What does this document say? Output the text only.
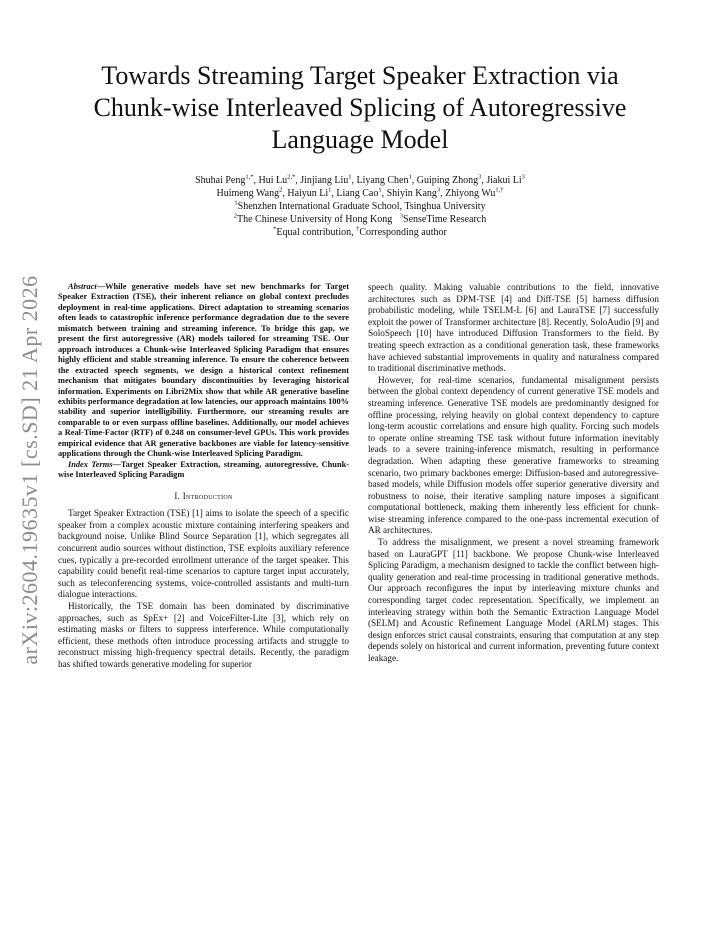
arXiv:2604.19635v1 [cs.SD] 21 Apr 2026
Towards Streaming Target Speaker Extraction via
Chunk-wise Interleaved Splicing of Autoregressive
Language Model
Shuhai Peng$^{1,*}$, Hui $Lu^{2,*}$, Jinjiang Liu$^1$, Liyang Chen$^1$, Guiping Zhong$^3$, Jiakui Li$^3$
Huimeng Wang$^2$, Haiyun Li$^1$, Liang Cao$^1$, Shiyin Kang$^3$, Zhiyong $Wu^{1,\dagger}$
$^1$Shenzhen International Graduate School, Tsinghua University
$^2$The Chinese University of Hong Kong   $^3$SenseTime Research
*Equal contribution, †Corresponding author

Abstract—While generative models have set new benchmarks for Target Speaker Extraction (TSE), their inherent reliance on global context precludes deployment in real-time applications. Direct adaptation to streaming scenarios often leads to catastrophic inference performance degradation due to the severe mismatch between training and streaming inference. To bridge this gap, we present the first autoregressive (AR) models tailored for streaming TSE. Our approach introduces a Chunk-wise Interleaved Splicing Paradigm that ensures highly efficient and stable streaming inference. To ensure the coherence between the extracted speech segments, we design a historical context refinement mechanism that mitigates boundary discontinuities by leveraging historical information. Experiments on Libri2Mix show that while AR generative baseline exhibits performance degradation at low latencies, our approach maintains 100% stability and superior intelligibility. Furthermore, our streaming results are comparable to or even surpass offline baselines. Additionally, our model achieves a Real-Time-Factor (RTF) of 0.248 on consumer-level GPUs. This work provides empirical evidence that AR generative backbones are viable for latency-sensitive applications through the Chunk-wise Interleaved Splicing Paradigm.

Index Terms—Target Speaker Extraction, streaming, autoregressive, Chunk-wise Interleaved Splicing Paradigm

I. Introduction

Target Speaker Extraction (TSE) [1] aims to isolate the speech of a specific speaker from a complex acoustic mixture containing interfering speakers and background noise. Unlike Blind Source Separation [1], which segregates all concurrent audio sources without distinction, TSE exploits auxiliary reference cues, typically a pre-recorded enrollment utterance of the target speaker. This capability could benefit real-time scenarios to capture target input accurately, such as teleconferencing systems, voice-controlled assistants and multi-turn dialogue interactions.

Historically, the TSE domain has been dominated by discriminative approaches, such as SpEx+ [2] and VoiceFilter-Lite [3], which rely on estimating masks or filters to suppress interference. While computationally efficient, these methods often introduce processing artifacts and struggle to reconstruct missing high-frequency spectral details. Recently, the paradigm has shifted towards generative modeling for superior

speech quality. Making valuable contributions to the field, innovative architectures such as DPM-TSE [4] and Diff-TSE [5] harness diffusion probabilistic modeling, while TSELM-L [6] and LauraTSE [7] successfully exploit the power of Transformer architecture [8]. Recently, SoloAudio [9] and SoloSpeech [10] have introduced Diffusion Transformers to the field. By treating speech extraction as a conditional generation task, these frameworks have achieved substantial improvements in quality and naturalness compared to traditional discriminative methods.

However, for real-time scenarios, fundamental misalignment persists between the global context dependency of current generative TSE models and streaming inference. Generative TSE models are predominantly designed for offline processing, relying heavily on global context dependency to capture long-term acoustic correlations and ensure high quality. Forcing such models to operate online streaming TSE task without future information inevitably leads to a severe training-inference mismatch, resulting in performance degradation. When adapting these generative frameworks to streaming scenario, two primary backbones emerge: Diffusion-based and autoregressive-based models, while Diffusion models offer superior generative diversity and robustness to noise, their iterative sampling nature imposes a significant computational bottleneck, making them inherently less efficient for chunk-wise streaming inference compared to the one-pass incremental execution of AR architectures.

To address the misalignment, we present a novel streaming framework based on LauraGPT [11] backbone. We propose Chunk-wise Interleaved Splicing Paradigm, a mechanism designed to tackle the conflict between high-quality generation and real-time processing in traditional generative methods. Our approach reconfigures the input by interleaving mixture chunks and corresponding target codec representation. Specifically, we implement an interleaving strategy within both the Semantic Extraction Language Model (SELM) and Acoustic Refinement Language Model (ARLM) stages. This design enforces strict causal constraints, ensuring that computation at any step depends solely on historical and current information, preventing future context leakage.
